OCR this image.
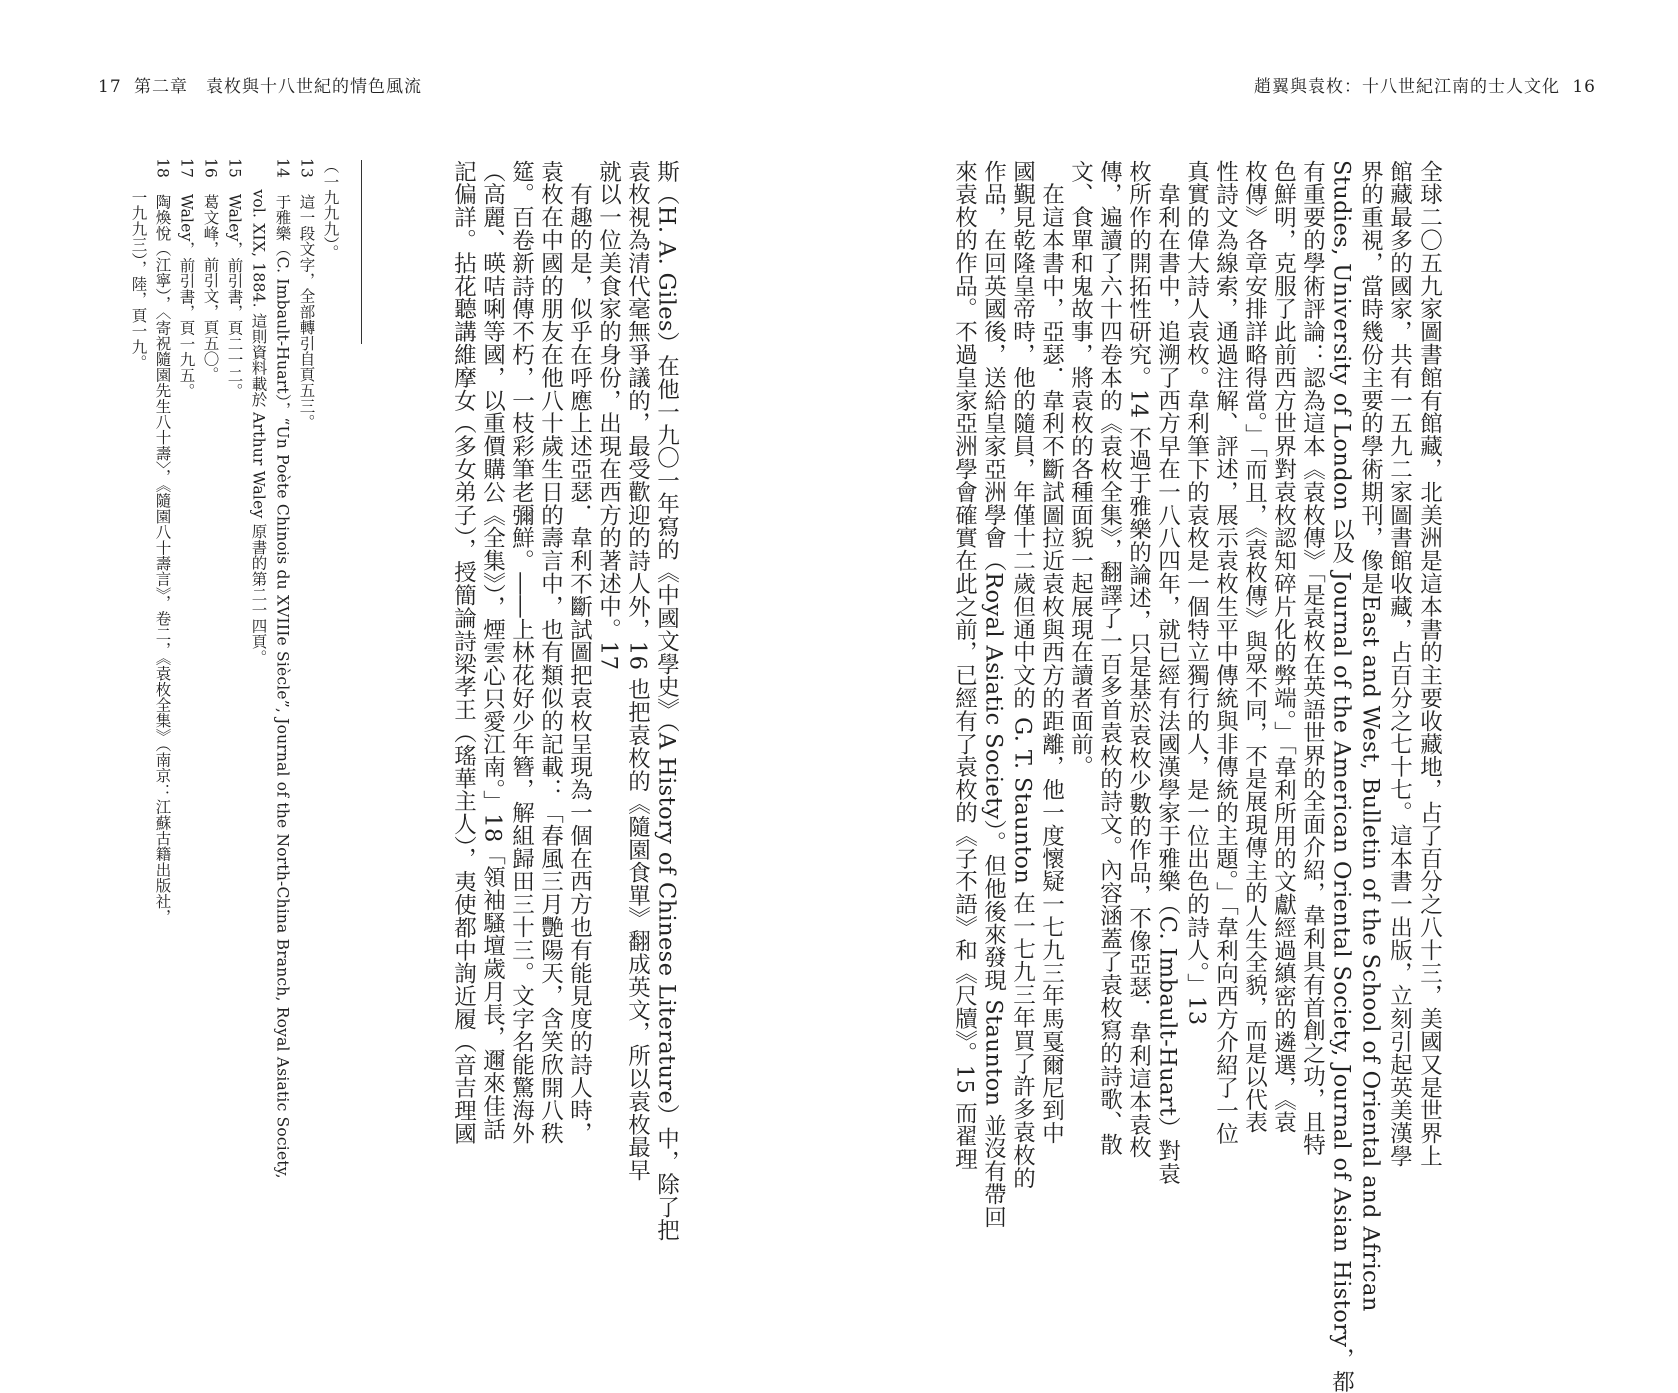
17 第二章　袁枚與十八世紀的情色風流	趙翼與袁枚：十八世紀江南的士人文化 16
全球二〇五九家圖書館有館藏，北美洲是這本書的主要收藏地，占了百分之八十三，美國又是世界上
館藏最多的國家，共有一五九二家圖書館收藏，占百分之七十七。這本書一出版，立刻引起英美漢學
界的重視，當時幾份主要的學術期刊，像是East and West, Bulletin of the School of Oriental and African
Studies, University of London 以及 Journal of the American Oriental Society, Journal of Asian History，都
有重要的學術評論：認為這本《袁枚傳》「是袁枚在英語世界的全面介紹，韋利具有首創之功，且特
色鮮明，克服了此前西方世界對袁枚認知碎片化的弊端。」「韋利所用的文獻經過縝密的遴選，《袁
枚傳》各章安排詳略得當。」「而且，《袁枚傳》與眾不同，不是展現傳主的人生全貌，而是以代表
性詩文為線索，通過注解、評述，展示袁枚生平中傳統與非傳統的主題。」「韋利向西方介紹了一位
真實的偉大詩人袁枚。韋利筆下的袁枚是一個特立獨行的人，是一位出色的詩人。」13
　韋利在書中，追溯了西方早在一八八四年，就已經有法國漢學家于雅樂（C. Imbault-Huart）對袁
枚所作的開拓性研究。14 不過于雅樂的論述，只是基於袁枚少數的作品，不像亞瑟．韋利這本袁枚
傳，遍讀了六十四卷本的《袁枚全集》，翻譯了一百多首袁枚的詩文。內容涵蓋了袁枚寫的詩歌、散
文、食單和鬼故事，將袁枚的各種面貌一起展現在讀者面前。
　在這本書中，亞瑟．韋利不斷試圖拉近袁枚與西方的距離，他一度懷疑一七九三年馬戛爾尼到中
國覲見乾隆皇帝時，他的隨員，年僅十二歲但通中文的 G. T. Staunton 在一七九三年買了許多袁枚的
作品，在回英國後，送給皇家亞洲學會（Royal Asiatic Society）。但他後來發現 Staunton 並沒有帶回
來袁枚的作品。不過皇家亞洲學會確實在此之前，已經有了袁枚的《子不語》和《尺牘》。15 而翟理
斯（H. A. Giles）在他一九〇一年寫的《中國文學史》（A History of Chinese Literature）中，除了把
袁枚視為清代毫無爭議的，最受歡迎的詩人外，16 也把袁枚的《隨園食單》翻成英文，所以袁枚最早
就以一位美食家的身份，出現在西方的著述中。17
　有趣的是，似乎在呼應上述亞瑟．韋利不斷試圖把袁枚呈現為一個在西方也有能見度的詩人時，
袁枚在中國的朋友在他八十歲生日的壽言中，也有類似的記載：「春風三月艷陽天，含笑欣開八秩
筵。百卷新詩傳不朽，一枝彩筆老彌鮮。――上林花好少年簪，解組歸田三十三。文字名能驚海外
（高麗、暎咭唎等國，以重價購公《全集》），煙雲心只愛江南。」18「領袖騷壇歲月長，邇來佳話
記偏詳。拈花聽講維摩女（多女弟子），授簡論詩梁孝王（瑤華主人），夷使都中詢近履（音吉理國
（一九九九）。
13　這一段文字，全部轉引自頁五三。
14　于雅樂（C. Imbault-Huart），“Un Poète Chinois du XVIIIe Siècle”, Journal of the North-China Branch, Royal Asiatic Society,
　　vol. XIX, 1884. 這則資料載於 Arthur Waley 原書的第二一四頁。
15　Waley，前引書，頁二一二。
16　葛文峰，前引文，頁五〇。
17　Waley，前引書，頁一九五。
18　陶煥悅（江寧），〈寄祝隨園先生八十壽〉，《隨園八十壽言》，卷二，《袁枚全集》（南京：江蘇古籍出版社，
　　一九九三），陸，頁一九。
